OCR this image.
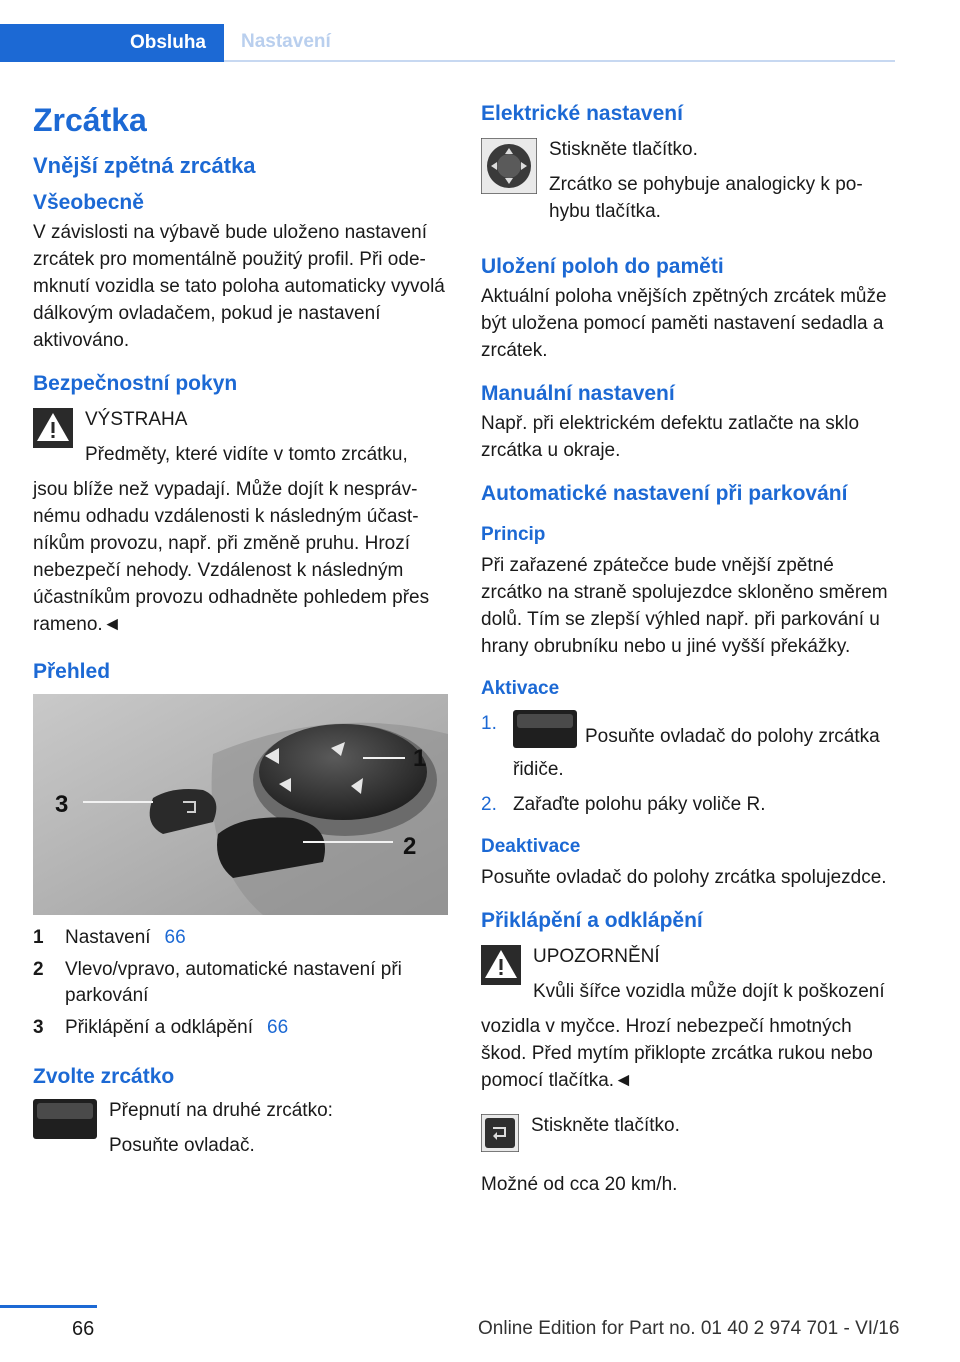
Obsluha Nastavení
Zrcátka
Vnější zpětná zrcátka
Všeobecně

V závislosti na výbavě bude uloženo nastavení zrcátek pro momentálně použitý profil. Při odemknutí vozidla se tato poloha automaticky vyvolá dálkovým ovladačem, pokud je nastavení aktivováno.

Bezpečnostní pokyn

VÝSTRAHA

Předměty, které vidíte v tomto zrcátku,

jsou blíže než vypadají. Může dojít k nesprávnému odhadu vzdálenosti k následným účastníkům provozu, např. při změně pruhu. Hrozí nebezpečí nehody. Vzdálenost k následným účastníkům provozu odhadněte pohledem přes rameno.◄
Přehled
1
2
3
1	Nastavení 66
2	Vlevo/vpravo, automatické nastavení při parkování
3	Přiklápění a odklápění 66
Zvolte zrcátko

Přepnutí na druhé zrcátko:

Posuňte ovladač.

Elektrické nastavení

Stiskněte tlačítko.

Zrcátko se pohybuje analogicky k pohybu tlačítka.

Uložení poloh do paměti

Aktuální poloha vnějších zpětných zrcátek může být uložena pomocí paměti nastavení sedadla a zrcátek.

Manuální nastavení

Např. při elektrickém defektu zatlačte na sklo zrcátka u okraje.

Automatické nastavení při parkování
Princip

Při zařazené zpátečce bude vnější zpětné zrcátko na straně spolujezdce skloněno směrem dolů. Tím se zlepší výhled např. při parkování u hrany obrubníku nebo u jiné vyšší překážky.

Aktivace
1.
Posuňte ovladač do polohy zrcátka řidiče.
2. Zařaďte polohu páky voliče R.
Deaktivace

Posuňte ovladač do polohy zrcátka spolujezdce.

Přiklápění a odklápění

UPOZORNĚNÍ

Kvůli šířce vozidla může dojít k poškození

vozidla v myčce. Hrozí nebezpečí hmotných škod. Před mytím přiklopte zrcátka rukou nebo pomocí tlačítka.◄

Stiskněte tlačítko.

Možné od cca 20 km/h.

66	Online Edition for Part no. 01 40 2 974 701 - VI/16
